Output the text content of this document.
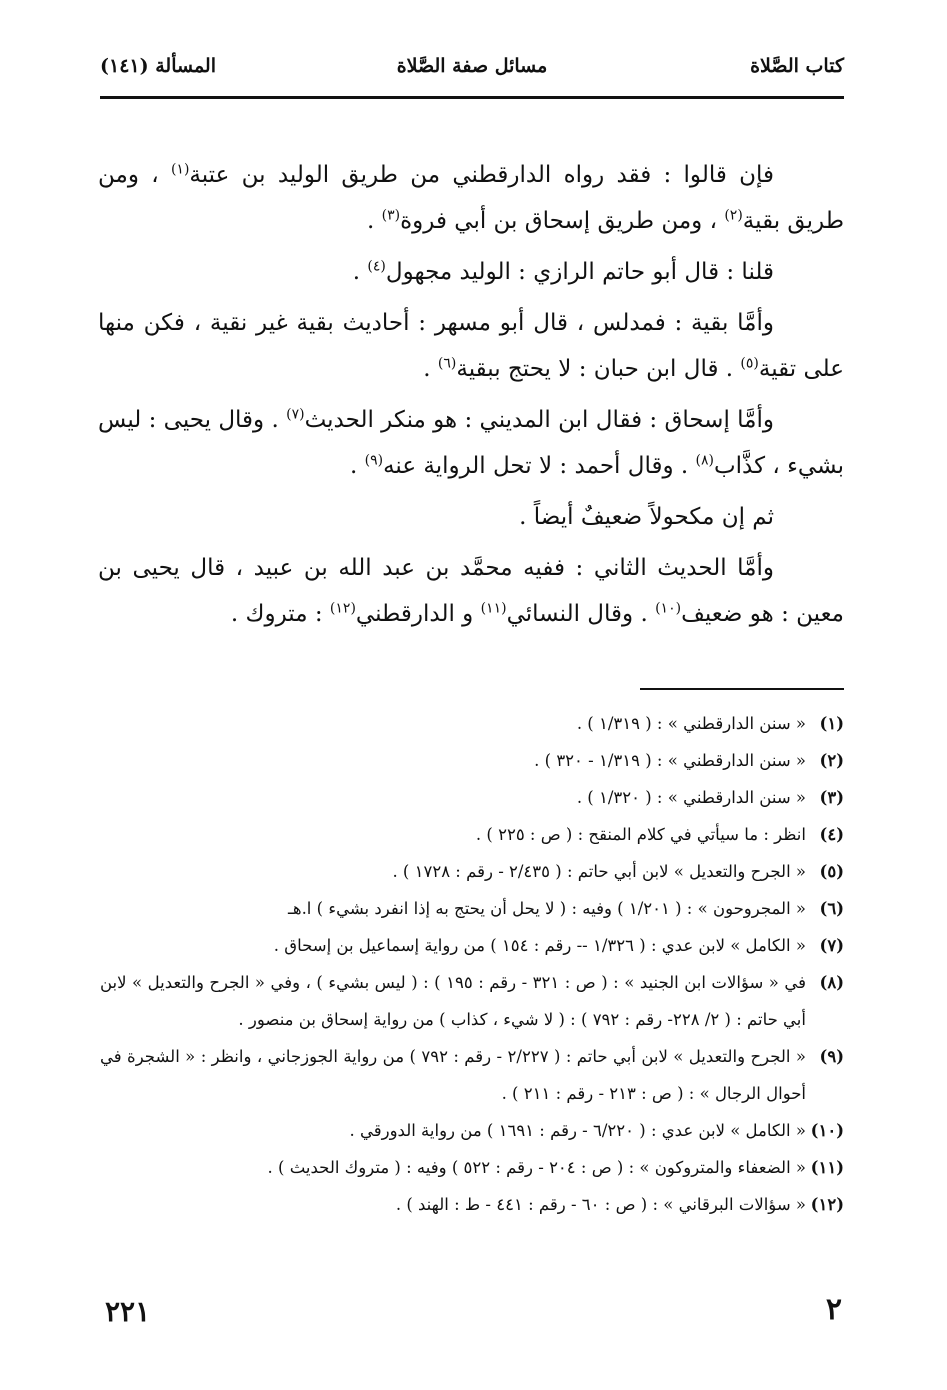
كتاب الصَّلاة
مسائل صفة الصَّلاة
المسألة (١٤١)

فإن قالوا : فقد رواه الدارقطني من طريق الوليد بن عتبة$^{(١)}$ ، ومن طريق بقية$^{(٢)}$ ، ومن طريق إسحاق بن أبي فروة$^{(٣)}$ .

قلنا : قال أبو حاتم الرازي : الوليد مجهول$^{(٤)}$ .

وأمَّا بقية : فمدلس ، قال أبو مسهر : أحاديث بقية غير نقية ، فكن منها على تقية$^{(٥)}$ . قال ابن حبان : لا يحتج ببقية$^{(٦)}$ .

وأمَّا إسحاق : فقال ابن المديني : هو منكر الحديث$^{(٧)}$ . وقال يحيى : ليس بشيء ، كذَّاب$^{(٨)}$ . وقال أحمد : لا تحل الرواية عنه$^{(٩)}$ .

ثم إن مكحولاً ضعيفٌ أيضاً .

وأمَّا الحديث الثاني : ففيه محمَّد بن عبد الله بن عبيد ، قال يحيى بن معين : هو ضعيف$^{(١٠)}$ . وقال النسائي$^{(١١)}$ و الدارقطني$^{(١٢)}$ : متروك .

(١)
« سنن الدارقطني » : ( ١/٣١٩ ) .
(٢)
« سنن الدارقطني » : ( ١/٣١٩ - ٣٢٠ ) .
(٣)
« سنن الدارقطني » : ( ١/٣٢٠ ) .
(٤)
انظر : ما سيأتي في كلام المنقح : ( ص : ٢٢٥ ) .
(٥)
« الجرح والتعديل » لابن أبي حاتم : ( ٢/٤٣٥ - رقم : ١٧٢٨ ) .
(٦)
« المجروحون » : ( ١/٢٠١ ) وفيه : ( لا يحل أن يحتج به إذا انفرد بشيء ) ا.هـ
(٧)
« الكامل » لابن عدي : ( ١/٣٢٦ -- رقم : ١٥٤ ) من رواية إسماعيل بن إسحاق .
(٨)
في « سؤالات ابن الجنيد » : ( ص : ٣٢١ - رقم : ١٩٥ ) : ( ليس بشيء ) ، وفي « الجرح والتعديل » لابن أبي حاتم : ( ٢/ ٢٢٨- رقم : ٧٩٢ ) : ( لا شيء ، كذاب ) من رواية إسحاق بن منصور .
(٩)
« الجرح والتعديل » لابن أبي حاتم : ( ٢/٢٢٧ - رقم : ٧٩٢ ) من رواية الجوزجاني ، وانظر : « الشجرة في أحوال الرجال » : ( ص : ٢١٣ - رقم : ٢١١ ) .
(١٠)
« الكامل » لابن عدي : ( ٦/٢٢٠ - رقم : ١٦٩١ ) من رواية الدورقي .
(١١)
« الضعفاء والمتروكون » : ( ص : ٢٠٤ - رقم : ٥٢٢ ) وفيه : ( متروك الحديث ) .
(١٢)
« سؤالات البرقاني » : ( ص : ٦٠ - رقم : ٤٤١ - ط : الهند ) .
٢
٢٢١
